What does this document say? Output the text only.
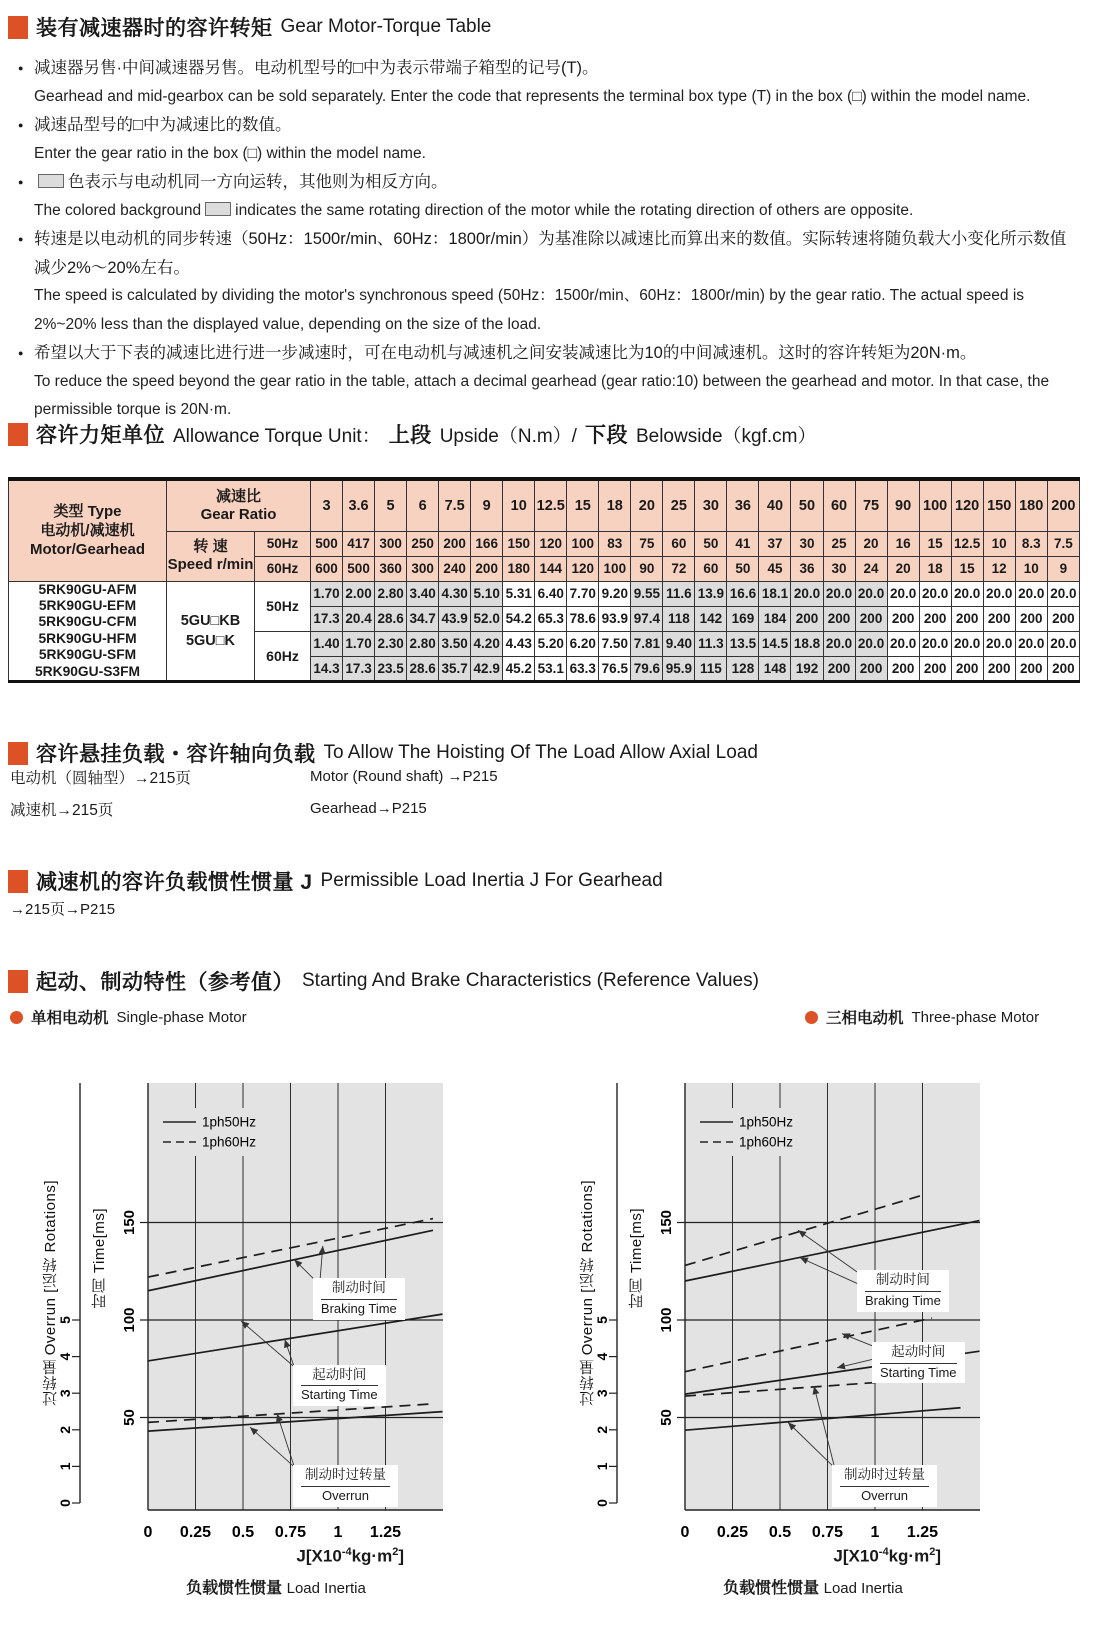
装有减速器时的容许转矩 Gear Motor-Torque Table
● 减速器另售·中间减速器另售。电动机型号的□中为表示带端子箱型的记号(T)。
Gearhead and mid-gearbox can be sold separately. Enter the code that represents the terminal box type (T) in the box (□) within the model name.
● 减速品型号的□中为减速比的数值。
Enter the gear ratio in the box (□) within the model name.
●	色表示与电动机同一方向运转，其他则为相反方向。
The colored background indicates the same rotating direction of the motor while the rotating direction of others are opposite.
● 转速是以电动机的同步转速（50Hz：1500r/min、60Hz：1800r/min）为基准除以减速比而算出来的数值。实际转速将随负载大小变化所示数值减少2%～20%左右。
The speed is calculated by dividing the motor's synchronous speed (50Hz：1500r/min、60Hz：1800r/min) by the gear ratio. The actual speed is 2%~20% less than the displayed value, depending on the size of the load.
● 希望以大于下表的减速比进行进一步减速时，可在电动机与减速机之间安装减速比为10的中间减速机。这时的容许转矩为20N·m。
To reduce the speed beyond the gear ratio in the table, attach a decimal gearhead (gear ratio:10) between the gearhead and motor. In that case, the permissible torque is 20N·m.
容许力矩单位 Allowance Torque Unit： 上段 Upside（N.m）/ 下段 Belowside（kgf.cm）
类型 Type
电动机/减速机
Motor/Gearhead

减速比
Gear Ratio	3	3.6	5	6	7.5	9	10	12.5	15	18	20	25	30	36	40	50	60	75	90	100	120	150	180	200

	转 速
Speed r/min	50Hz	500	417	300	250	200	166	150	120	100	83	75	60	50	41	37	30	25	20	16	15	12.5	10	8.3	7.5
		60Hz	600	500	360	300	240	200	180	144	120	100	90	72	60	50	45	36	30	24	20	18	15	12	10	9

5RK90GU-AFM
5RK90GU-EFM
5RK90GU-CFM
5RK90GU-HFM
5RK90GU-SFM
5RK90GU-S3FM

5GU□KB
5GU□K
	50Hz	1.70	2.00	2.80	3.40	4.30	5.10	5.31	6.40	7.70	9.20	9.55	11.6	13.9	16.6	18.1	20.0	20.0	20.0	20.0	20.0	20.0	20.0	20.0	20.0
			17.3	20.4	28.6	34.7	43.9	52.0	54.2	65.3	78.6	93.9	97.4	118	142	169	184	200	200	200	200	200	200	200	200	200
		60Hz	1.40	1.70	2.30	2.80	3.50	4.20	4.43	5.20	6.20	7.50	7.81	9.40	11.3	13.5	14.5	18.8	20.0	20.0	20.0	20.0	20.0	20.0	20.0	20.0
			14.3	17.3	23.5	28.6	35.7	42.9	45.2	53.1	63.3	76.5	79.6	95.9	115	128	148	192	200	200	200	200	200	200	200	200
容许悬挂负载・容许轴向负载 To Allow The Hoisting Of The Load Allow Axial Load
电动机（圆轴型）→215页	Motor (Round shaft) →P215
减速机→215页	Gearhead→P215
减速机的容许负载惯性惯量 J Permissible Load Inertia J For Gearhead
→215页→P215
起动、制动特性（参考值） Starting And Brake Characteristics (Reference Values)
单相电动机 Single-phase Motor	三相电动机 Three-phase Motor
0
1
2
3
4
5
50
100
150
0 0.25 0.5 0.75 1 1.25
1ph50Hz
1ph60Hz
制动时间
Braking Time
起动时间
Starting Time
制动时过转量
Overrun
过转量 Overrun [运转 Rotations] 时间 Time[ms]
$J[X10^{-4}kg\cdot m^2]$
负载惯性惯量 Load Inertia
0
1
2
3
4
5
50
100
150
0 0.25 0.5 0.75 1 1.25
1ph50Hz
1ph60Hz
制动时间
Braking Time
起动时间
Starting Time
制动时过转量
Overrun
过转量 Overrun [运转 Rotations] 时间 Time[ms]
$J[X10^{-4}kg\cdot m^2]$
负载惯性惯量 Load Inertia
